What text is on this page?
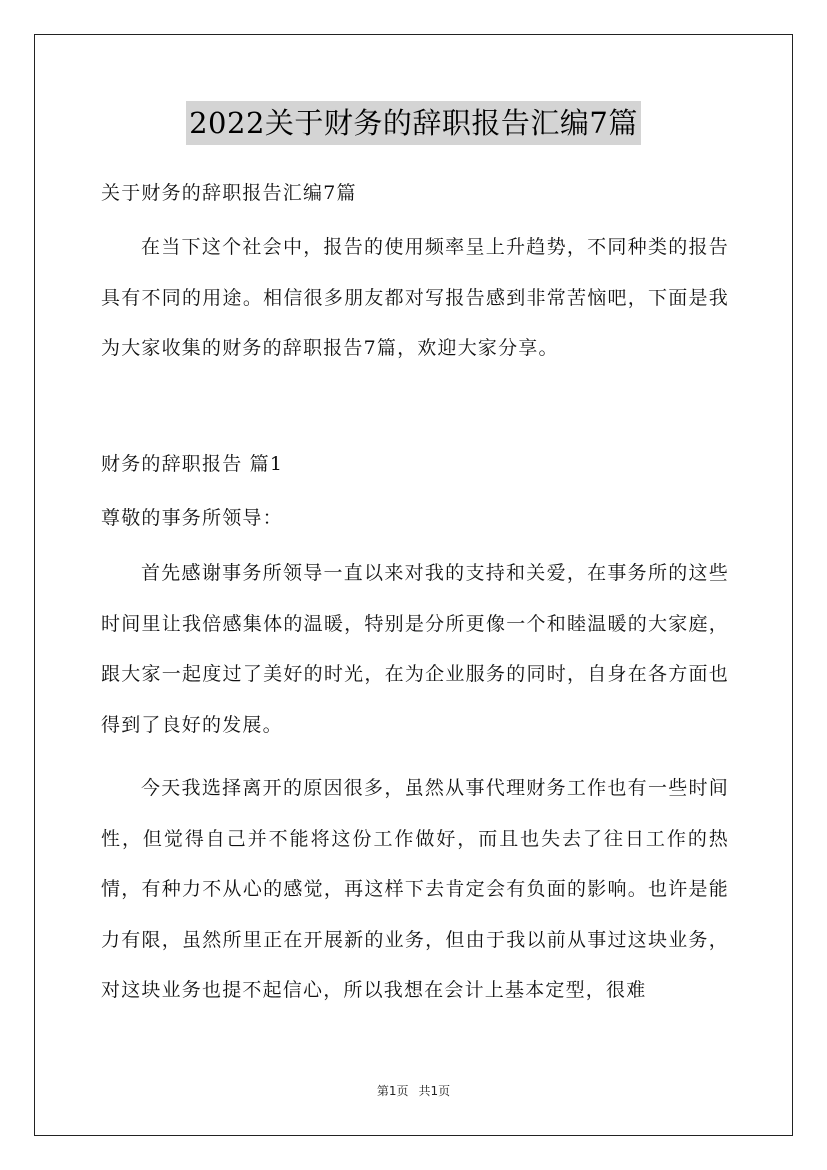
2022关于财务的辞职报告汇编7篇

关于财务的辞职报告汇编7篇

在当下这个社会中，报告的使用频率呈上升趋势，不同种类的报告具有不同的用途。相信很多朋友都对写报告感到非常苦恼吧，下面是我为大家收集的财务的辞职报告7篇，欢迎大家分享。

财务的辞职报告 篇1

尊敬的事务所领导：

首先感谢事务所领导一直以来对我的支持和关爱，在事务所的这些时间里让我倍感集体的温暖，特别是分所更像一个和睦温暖的大家庭，跟大家一起度过了美好的时光，在为企业服务的同时，自身在各方面也得到了良好的发展。

今天我选择离开的原因很多，虽然从事代理财务工作也有一些时间性，但觉得自己并不能将这份工作做好，而且也失去了往日工作的热情，有种力不从心的感觉，再这样下去肯定会有负面的影响。也许是能力有限，虽然所里正在开展新的业务，但由于我以前从事过这块业务，对这块业务也提不起信心，所以我想在会计上基本定型，很难

第1页 共1页
